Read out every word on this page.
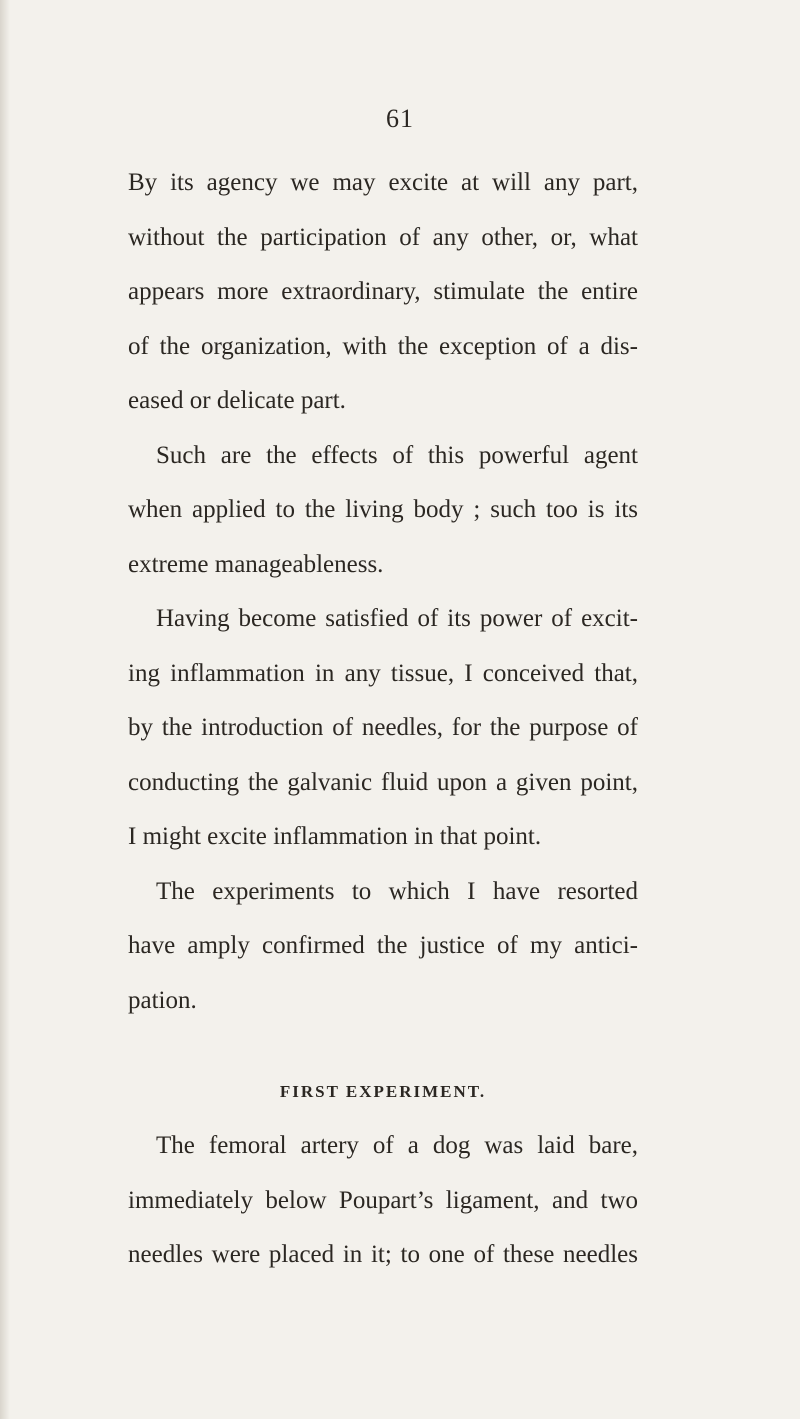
61
By its agency we may excite at will any part,
without the participation of any other, or, what
appears more extraordinary, stimulate the entire
of the organization, with the exception of a dis-
eased or delicate part.
Such are the effects of this powerful agent
when applied to the living body ; such too is its
extreme manageableness.
Having become satisfied of its power of excit-
ing inflammation in any tissue, I conceived that,
by the introduction of needles, for the purpose of
conducting the galvanic fluid upon a given point,
I might excite inflammation in that point.
The experiments to which I have resorted
have amply confirmed the justice of my antici-
pation.
FIRST EXPERIMENT.
The femoral artery of a dog was laid bare,
immediately below Poupart’s ligament, and two
needles were placed in it; to one of these needles
